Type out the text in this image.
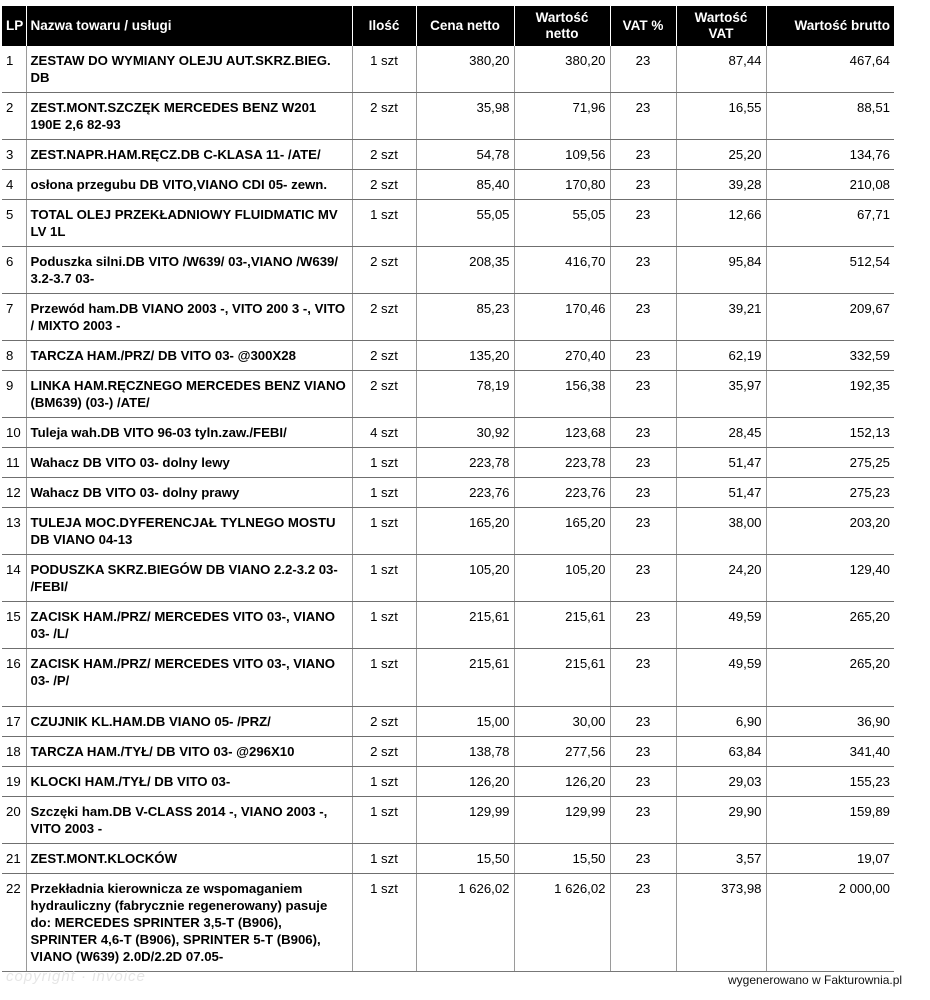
LP	Nazwa towaru / usługi	Ilość	Cena netto	Wartość netto	VAT %	Wartość VAT	Wartość brutto
1	ZESTAW DO WYMIANY OLEJU AUT.SKRZ.BIEG. DB	1 szt	380,20	380,20	23	87,44	467,64
2	ZEST.MONT.SZCZĘK MERCEDES BENZ W201 190E 2,6 82-93	2 szt	35,98	71,96	23	16,55	88,51
3	ZEST.NAPR.HAM.RĘCZ.DB C-KLASA 11- /ATE/	2 szt	54,78	109,56	23	25,20	134,76
4	osłona przegubu DB VITO,VIANO CDI 05- zewn.	2 szt	85,40	170,80	23	39,28	210,08
5	TOTAL OLEJ PRZEKŁADNIOWY FLUIDMATIC MV LV 1L	1 szt	55,05	55,05	23	12,66	67,71
6	Poduszka silni.DB VITO /W639/ 03-,VIANO /W639/ 3.2-3.7 03-	2 szt	208,35	416,70	23	95,84	512,54
7	Przewód ham.DB VIANO 2003 -, VITO 200 3 -, VITO / MIXTO 2003 -	2 szt	85,23	170,46	23	39,21	209,67
8	TARCZA HAM./PRZ/ DB VITO 03- @300X28	2 szt	135,20	270,40	23	62,19	332,59
9	LINKA HAM.RĘCZNEGO MERCEDES BENZ VIANO (BM639) (03-) /ATE/	2 szt	78,19	156,38	23	35,97	192,35
10	Tuleja wah.DB VITO 96-03 tyln.zaw./FEBI/	4 szt	30,92	123,68	23	28,45	152,13
11	Wahacz DB VITO 03- dolny lewy	1 szt	223,78	223,78	23	51,47	275,25
12	Wahacz DB VITO 03- dolny prawy	1 szt	223,76	223,76	23	51,47	275,23
13	TULEJA MOC.DYFERENCJAŁ TYLNEGO MOSTU DB VIANO 04-13	1 szt	165,20	165,20	23	38,00	203,20
14	PODUSZKA SKRZ.BIEGÓW DB VIANO 2.2-3.2 03- /FEBI/	1 szt	105,20	105,20	23	24,20	129,40
15	ZACISK HAM./PRZ/ MERCEDES VITO 03-, VIANO 03- /L/	1 szt	215,61	215,61	23	49,59	265,20
16	ZACISK HAM./PRZ/ MERCEDES VITO 03-, VIANO 03- /P/	1 szt	215,61	215,61	23	49,59	265,20
17	CZUJNIK KL.HAM.DB VIANO 05- /PRZ/	2 szt	15,00	30,00	23	6,90	36,90
18	TARCZA HAM./TYŁ/ DB VITO 03- @296X10	2 szt	138,78	277,56	23	63,84	341,40
19	KLOCKI HAM./TYŁ/ DB VITO 03-	1 szt	126,20	126,20	23	29,03	155,23
20	Szczęki ham.DB V-CLASS 2014 -, VIANO 2003 -, VITO 2003 -	1 szt	129,99	129,99	23	29,90	159,89
21	ZEST.MONT.KLOCKÓW	1 szt	15,50	15,50	23	3,57	19,07
22	Przekładnia kierownicza ze wspomaganiem hydrauliczny (fabrycznie regenerowany) pasuje do: MERCEDES SPRINTER 3,5-T (B906), SPRINTER 4,6-T (B906), SPRINTER 5-T (B906), VIANO (W639) 2.0D/2.2D 07.05-	1 szt	1 626,02	1 626,02	23	373,98	2 000,00
copyright · invoice	wygenerowano w Fakturownia.pl
